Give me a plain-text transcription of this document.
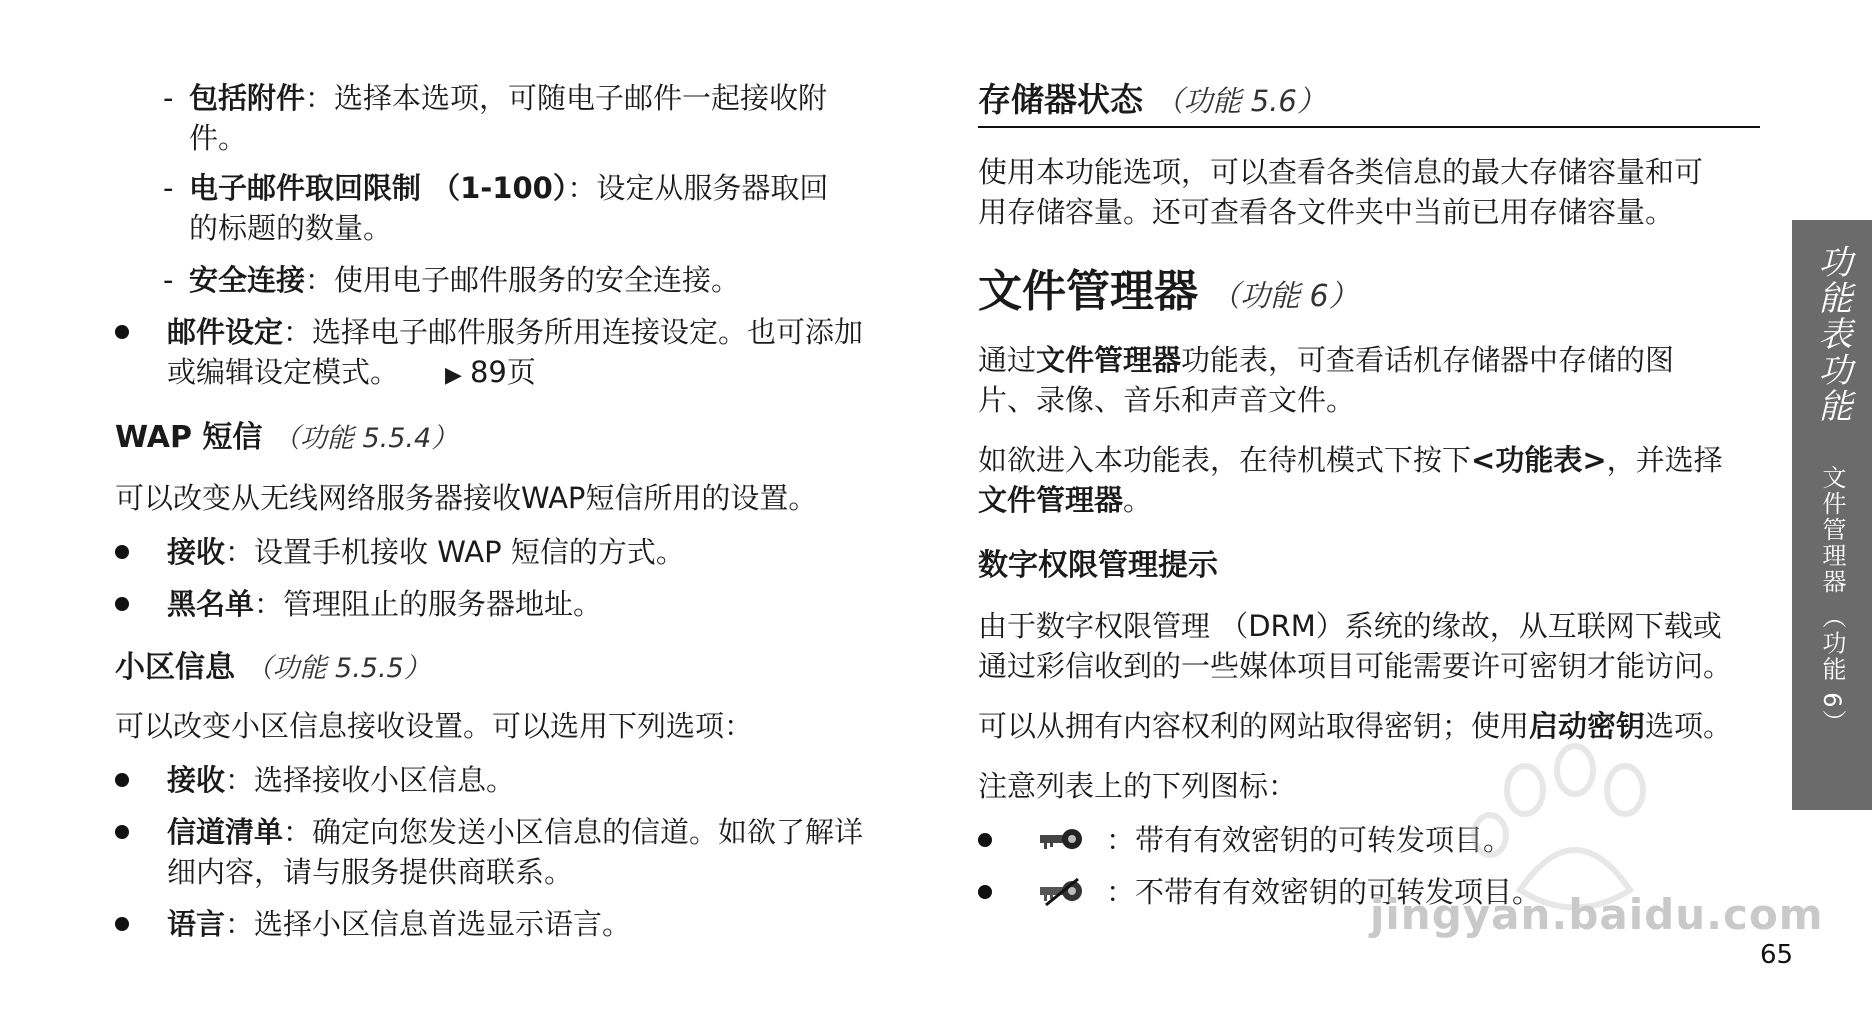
- 包括附件：选择本选项，可随电子邮件一起接收附
件。
- 电子邮件取回限制 （1-100）：设定从服务器取回
的标题的数量。
- 安全连接：使用电子邮件服务的安全连接。
邮件设定：选择电子邮件服务所用连接设定。也可添加
或编辑设定模式。 ▶ 89页
WAP 短信 （功能 5.5.4）
可以改变从无线网络服务器接收WAP短信所用的设置。
接收：设置手机接收 WAP 短信的方式。
黑名单：管理阻止的服务器地址。
小区信息 （功能 5.5.5）
可以改变小区信息接收设置。可以选用下列选项：
接收：选择接收小区信息。
信道清单：确定向您发送小区信息的信道。如欲了解详
细内容，请与服务提供商联系。
语言：选择小区信息首选显示语言。
存储器状态 （功能 5.6）
使用本功能选项，可以查看各类信息的最大存储容量和可
用存储容量。还可查看各文件夹中当前已用存储容量。
文件管理器 （功能 6）
通过文件管理器功能表，可查看话机存储器中存储的图
片、录像、音乐和声音文件。
如欲进入本功能表，在待机模式下按下<功能表>，并选择
文件管理器。
数字权限管理提示
由于数字权限管理 （DRM）系统的缘故，从互联网下载或
通过彩信收到的一些媒体项目可能需要许可密钥才能访问。
可以从拥有内容权利的网站取得密钥；使用启动密钥选项。
注意列表上的下列图标：
：带有有效密钥的可转发项目。
：不带有有效密钥的可转发项目。
功能表功能 文件管理器 （功能 6）
jingyan.baidu.com
65
